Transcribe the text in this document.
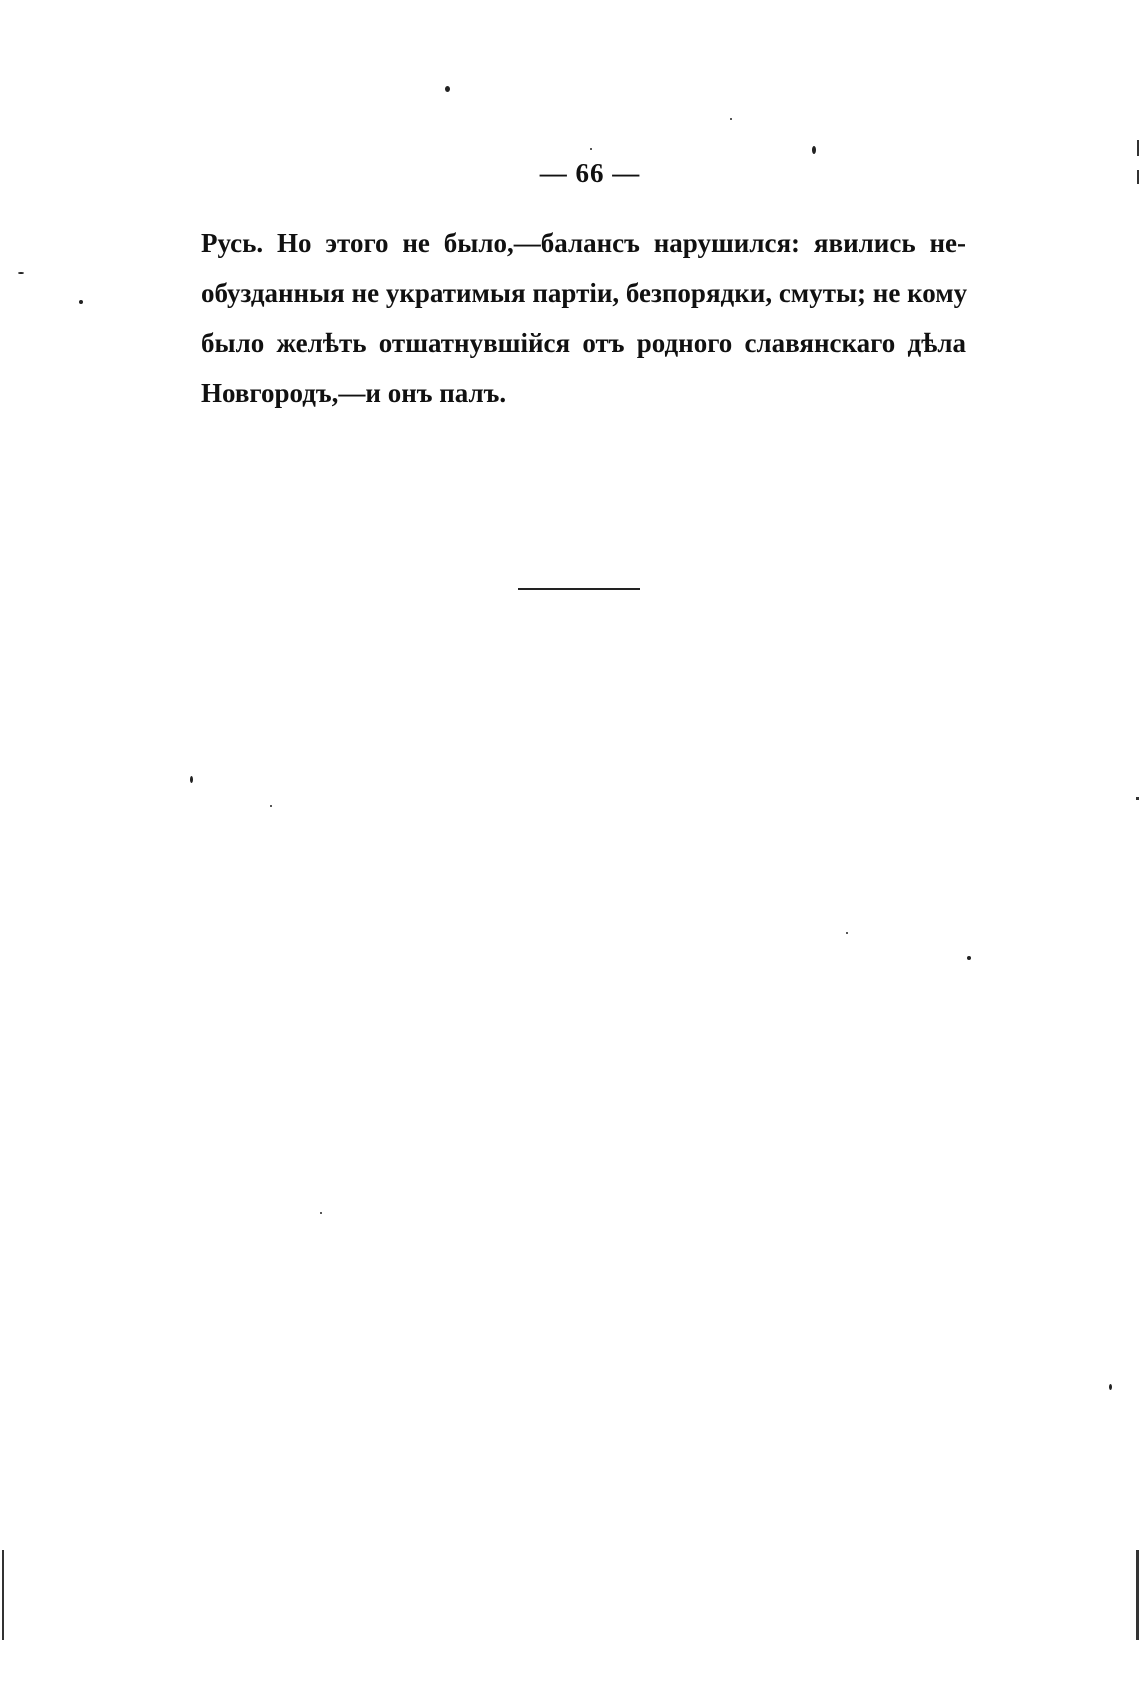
— 66 —
Русь. Но этого не было,—балансъ нарушился: явились не-
обузданныя не укратимыя партіи, безпорядки, смуты; не кому
было желѣть отшатнувшійся отъ родного славянскаго дѣла
Новгородъ,—и онъ палъ.
